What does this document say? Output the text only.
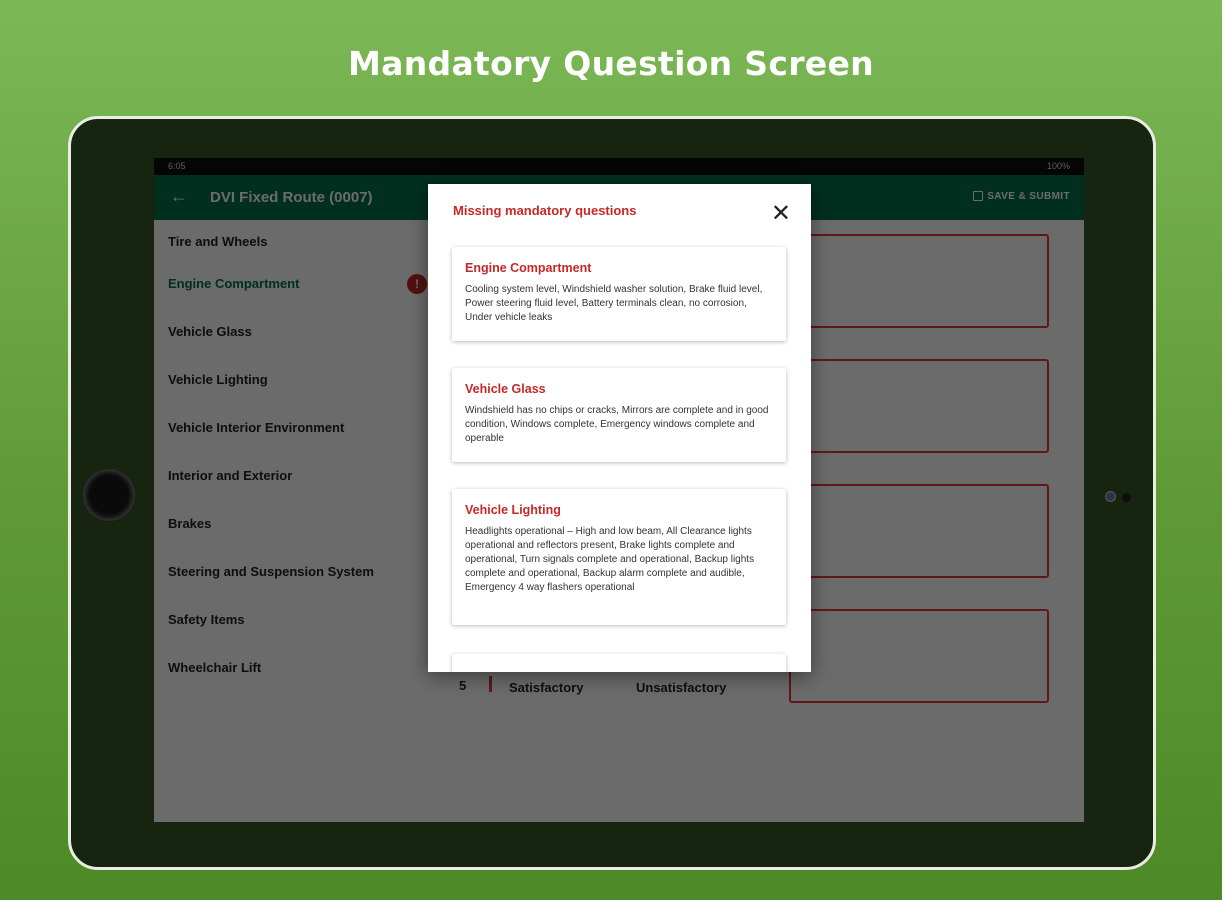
Mandatory Question Screen
Missing mandatory questions	✕
Engine Compartment
Cooling system level, Windshield washer solution, Brake fluid level, Power steering fluid level, Battery terminals clean, no corrosion, Under vehicle leaks
Vehicle Glass
Windshield has no chips or cracks, Mirrors are complete and in good condition, Windows complete, Emergency windows complete and operable
Vehicle Lighting
Headlights operational – High and low beam, All Clearance lights operational and reflectors present, Brake lights complete and operational, Turn signals complete and operational, Backup lights complete and operational, Backup alarm complete and audible, Emergency 4 way flashers operational
